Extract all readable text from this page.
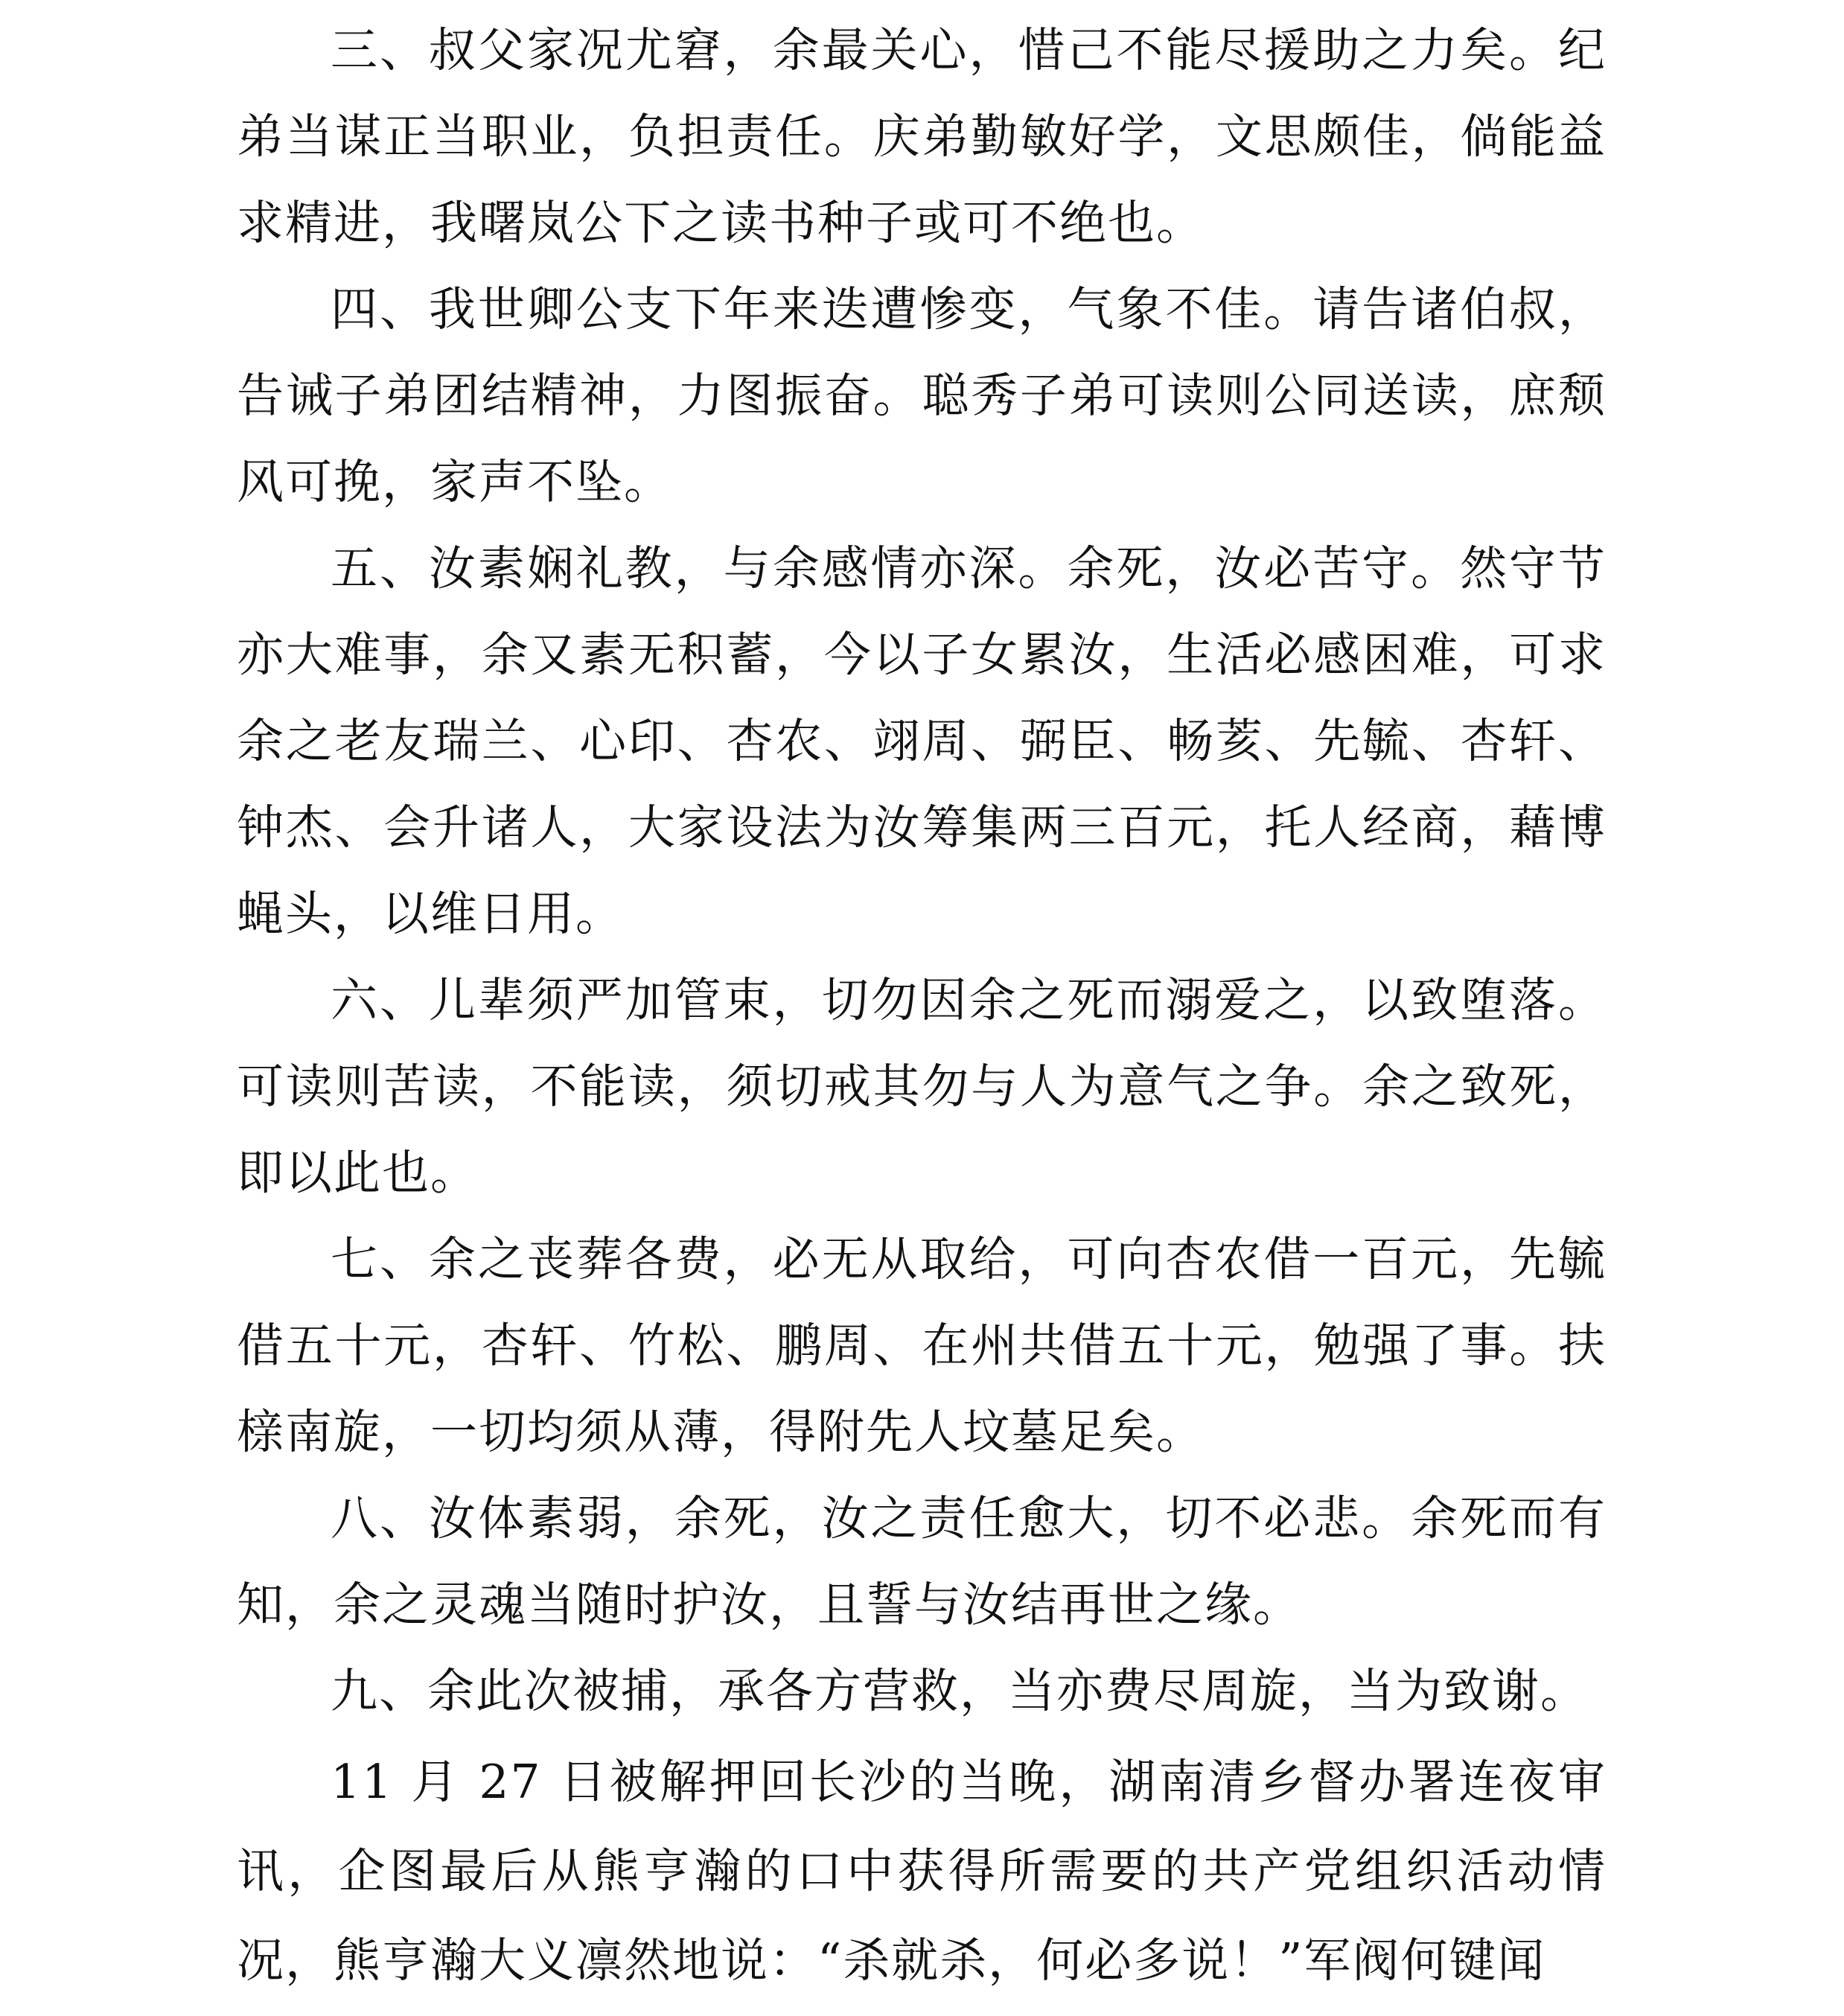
三、叔父家况尤窘，余最关心，惜己不能尽援助之力矣。纪弟当谋正当职业，负担责任。庆弟勤敏好学，文思颇佳，倘能益求精进，我曙岚公下之读书种子或可不绝也。

四、我世卿公支下年来迭遭惨变，气象不佳。请告诸伯叔，告诫子弟团结精神，力图振奋。聪秀子弟可读则公同送读，庶颓风可挽，家声不坠。

五、汝素娴礼教，与余感情亦深。余死，汝必苦守。然守节亦大难事，余又素无积蓄，今以子女累汝，生活必感困难，可求余之老友瑞兰、心印、杏农、翊周、弼臣、畅荄、先毓、杏轩、钟杰、会升诸人，大家设法为汝筹集两三百元，托人经商，藉博蝇头，以维日用。

六、儿辈须严加管束，切勿因余之死而溺爱之，以致堕落。可读则苦读，不能读，须切戒其勿与人为意气之争。余之致死，即以此也。

七、余之丧葬各费，必无从取给，可向杏农借一百元，先毓借五十元，杏轩、竹松、鹏周、在州共借五十元，勉强了事。扶榇南旋，一切均须从薄，得附先人坟墓足矣。

八、汝体素弱，余死，汝之责任愈大，切不必悲。余死而有知，余之灵魂当随时护汝，且誓与汝结再世之缘。

九、余此次被捕，承各方营救，当亦费尽周旋，当为致谢。

11 月 27 日被解押回长沙的当晚，湖南清乡督办署连夜审讯，企图最后从熊亨瀚的口中获得所需要的共产党组织活动情况，熊亨瀚大义凛然地说：“杀就杀，何必多说！”军阀何键闻
